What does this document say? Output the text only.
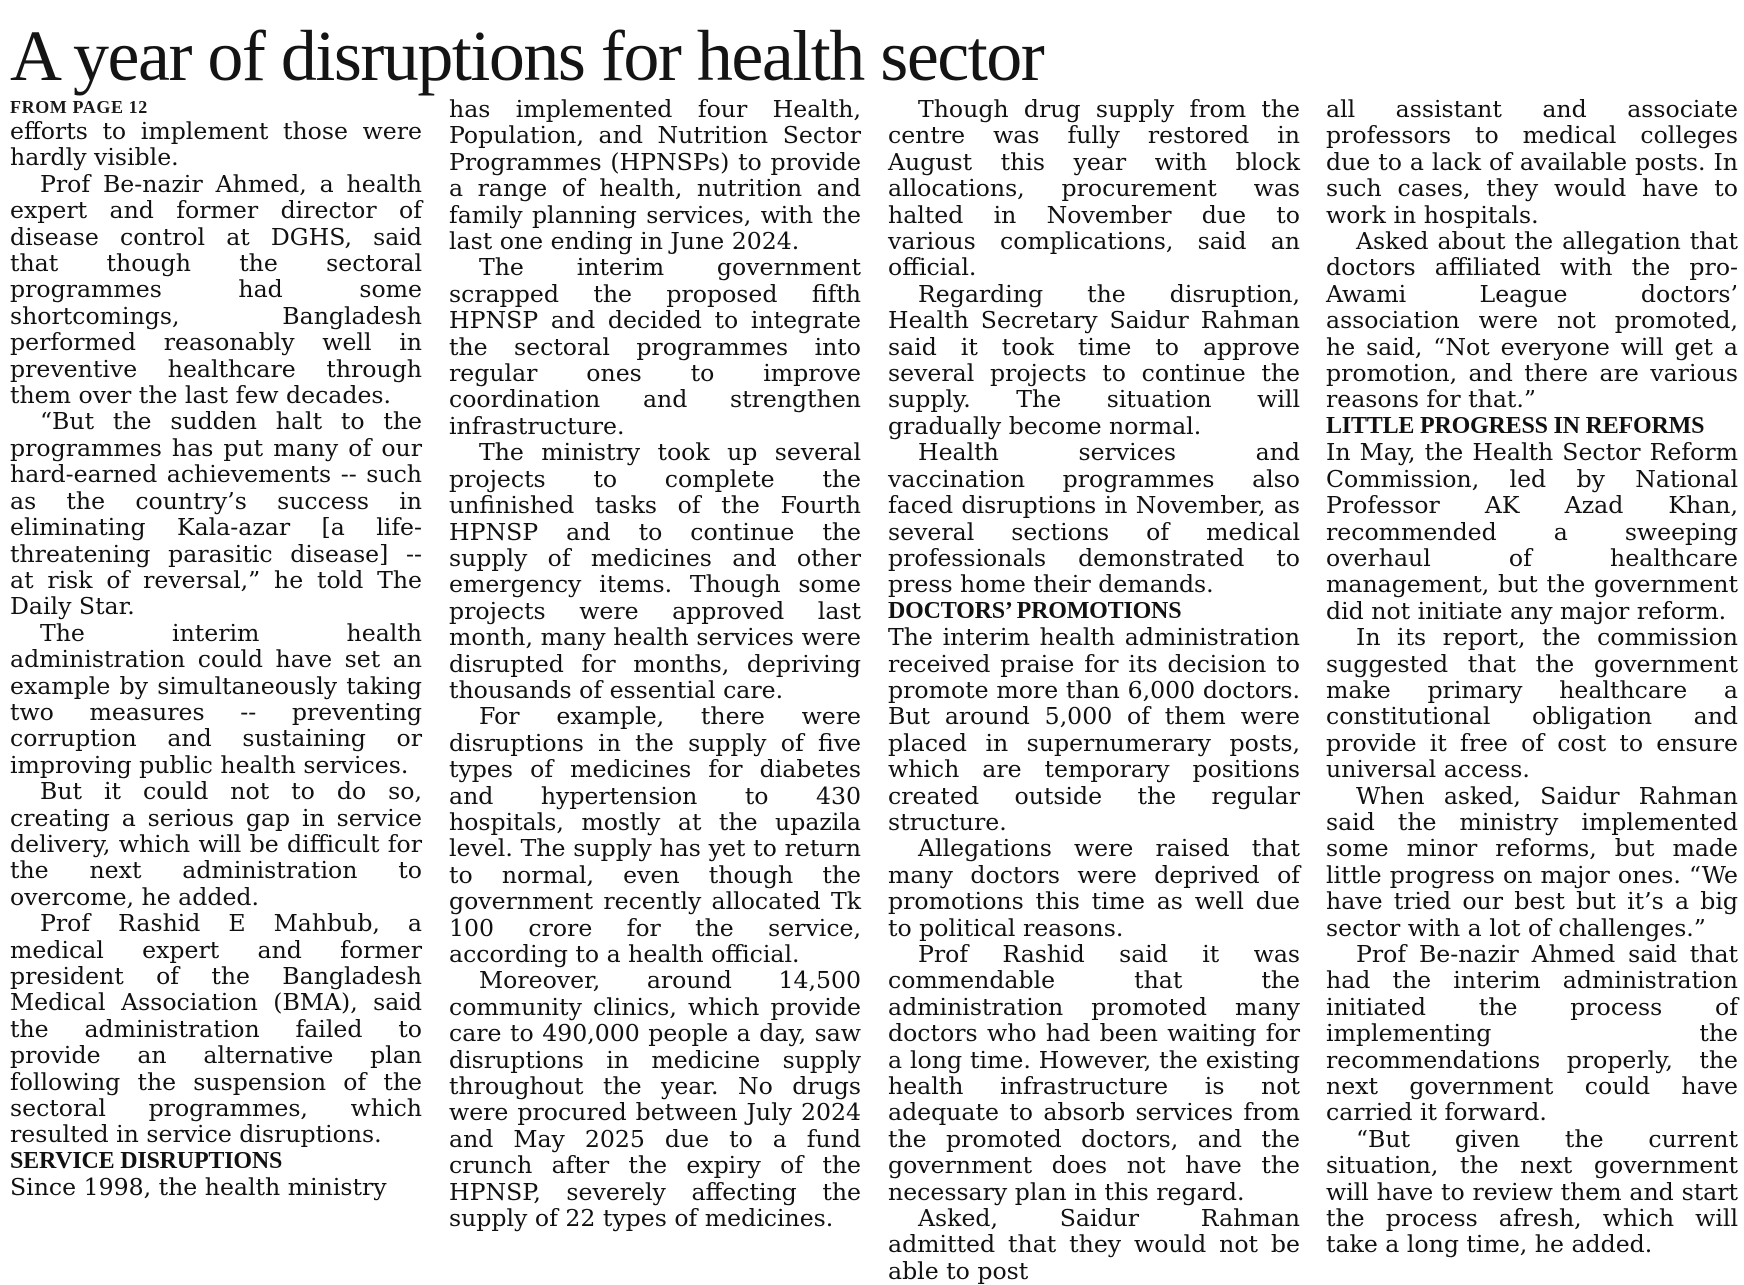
A year of disruptions for health sector
FROM PAGE 12

efforts to implement those were hardly visible.

Prof Be-nazir Ahmed, a health expert and former director of disease control at DGHS, said that though the sectoral programmes had some shortcomings, Bangladesh performed reasonably well in preventive healthcare through them over the last few decades.

“But the sudden halt to the programmes has put many of our hard-earned achievements -- such as the country’s success in eliminating Kala-azar [a life-threatening parasitic disease] -- at risk of reversal,” he told The Daily Star.

The interim health administration could have set an example by simultaneously taking two measures -- preventing corruption and sustaining or improving public health services.

But it could not to do so, creating a serious gap in service delivery, which will be difficult for the next administration to overcome, he added.

Prof Rashid E Mahbub, a medical expert and former president of the Bangladesh Medical Association (BMA), said the administration failed to provide an alternative plan following the suspension of the sectoral programmes, which resulted in service disruptions.

SERVICE DISRUPTIONS

Since 1998, the health ministry

has implemented four Health, Population, and Nutrition Sector Programmes (HPNSPs) to provide a range of health, nutrition and family planning services, with the last one ending in June 2024.

The interim government scrapped the proposed fifth HPNSP and decided to integrate the sectoral programmes into regular ones to improve coordination and strengthen infrastructure.

The ministry took up several projects to complete the unfinished tasks of the Fourth HPNSP and to continue the supply of medicines and other emergency items. Though some projects were approved last month, many health services were disrupted for months, depriving thousands of essential care.

For example, there were disruptions in the supply of five types of medicines for diabetes and hypertension to 430 hospitals, mostly at the upazila level. The supply has yet to return to normal, even though the government recently allocated Tk 100 crore for the service, according to a health official.

Moreover, around 14,500 community clinics, which provide care to 490,000 people a day, saw disruptions in medicine supply throughout the year. No drugs were procured between July 2024 and May 2025 due to a fund crunch after the expiry of the HPNSP, severely affecting the supply of 22 types of medicines.

Though drug supply from the centre was fully restored in August this year with block allocations, procurement was halted in November due to various complications, said an official.

Regarding the disruption, Health Secretary Saidur Rahman said it took time to approve several projects to continue the supply. The situation will gradually become normal.

Health services and vaccination programmes also faced disruptions in November, as several sections of medical professionals demonstrated to press home their demands.

DOCTORS’ PROMOTIONS

The interim health administration received praise for its decision to promote more than 6,000 doctors. But around 5,000 of them were placed in supernumerary posts, which are temporary positions created outside the regular structure.

Allegations were raised that many doctors were deprived of promotions this time as well due to political reasons.

Prof Rashid said it was commendable that the administration promoted many doctors who had been waiting for a long time. However, the existing health infrastructure is not adequate to absorb services from the promoted doctors, and the government does not have the necessary plan in this regard.

Asked, Saidur Rahman admitted that they would not be able to post

all assistant and associate professors to medical colleges due to a lack of available posts. In such cases, they would have to work in hospitals.

Asked about the allegation that doctors affiliated with the pro-Awami League doctors’ association were not promoted, he said, “Not everyone will get a promotion, and there are various reasons for that.”

LITTLE PROGRESS IN REFORMS

In May, the Health Sector Reform Commission, led by National Professor AK Azad Khan, recommended a sweeping overhaul of healthcare management, but the government did not initiate any major reform.

In its report, the commission suggested that the government make primary healthcare a constitutional obligation and provide it free of cost to ensure universal access.

When asked, Saidur Rahman said the ministry implemented some minor reforms, but made little progress on major ones. “We have tried our best but it’s a big sector with a lot of challenges.”

Prof Be-nazir Ahmed said that had the interim administration initiated the process of implementing the recommendations properly, the next government could have carried it forward.

“But given the current situation, the next government will have to review them and start the process afresh, which will take a long time, he added.
